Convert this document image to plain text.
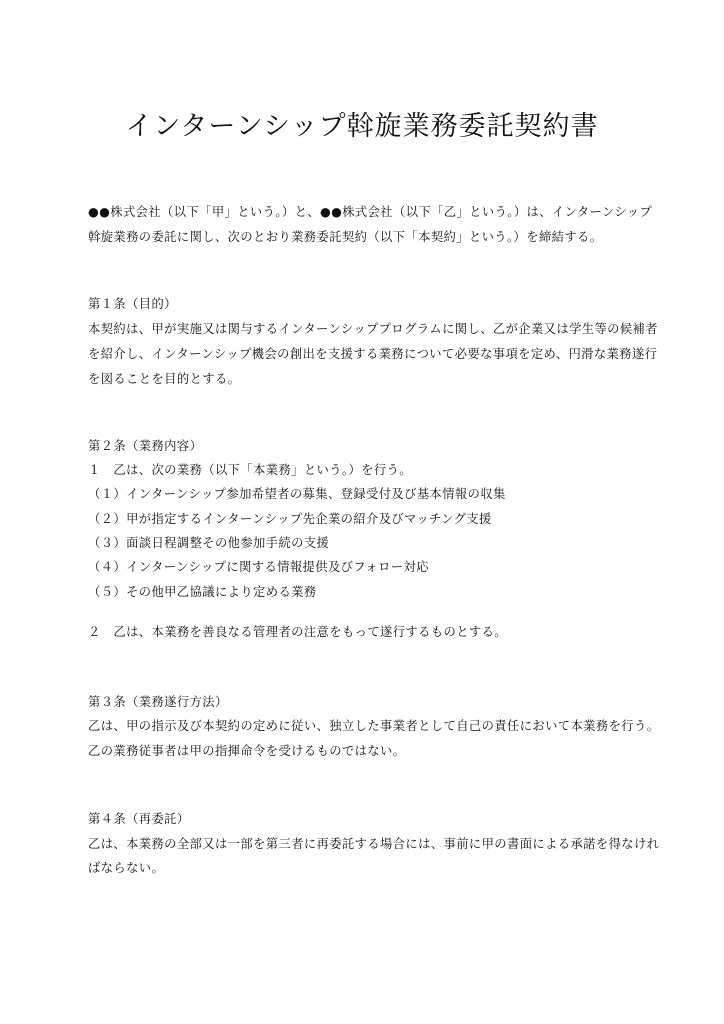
インターンシップ斡旋業務委託契約書
●●株式会社（以下「甲」という。）と、●●株式会社（以下「乙」という。）は、インターンシップ
斡旋業務の委託に関し、次のとおり業務委託契約（以下「本契約」という。）を締結する。
第１条（目的）
本契約は、甲が実施又は関与するインターンシッププログラムに関し、乙が企業又は学生等の候補者
を紹介し、インターンシップ機会の創出を支援する業務について必要な事項を定め、円滑な業務遂行
を図ることを目的とする。
第２条（業務内容）
１　乙は、次の業務（以下「本業務」という。）を行う。
（１）インターンシップ参加希望者の募集、登録受付及び基本情報の収集
（２）甲が指定するインターンシップ先企業の紹介及びマッチング支援
（３）面談日程調整その他参加手続の支援
（４）インターンシップに関する情報提供及びフォロー対応
（５）その他甲乙協議により定める業務
２　乙は、本業務を善良なる管理者の注意をもって遂行するものとする。
第３条（業務遂行方法）
乙は、甲の指示及び本契約の定めに従い、独立した事業者として自己の責任において本業務を行う。
乙の業務従事者は甲の指揮命令を受けるものではない。
第４条（再委託）
乙は、本業務の全部又は一部を第三者に再委託する場合には、事前に甲の書面による承諾を得なけれ
ばならない。
